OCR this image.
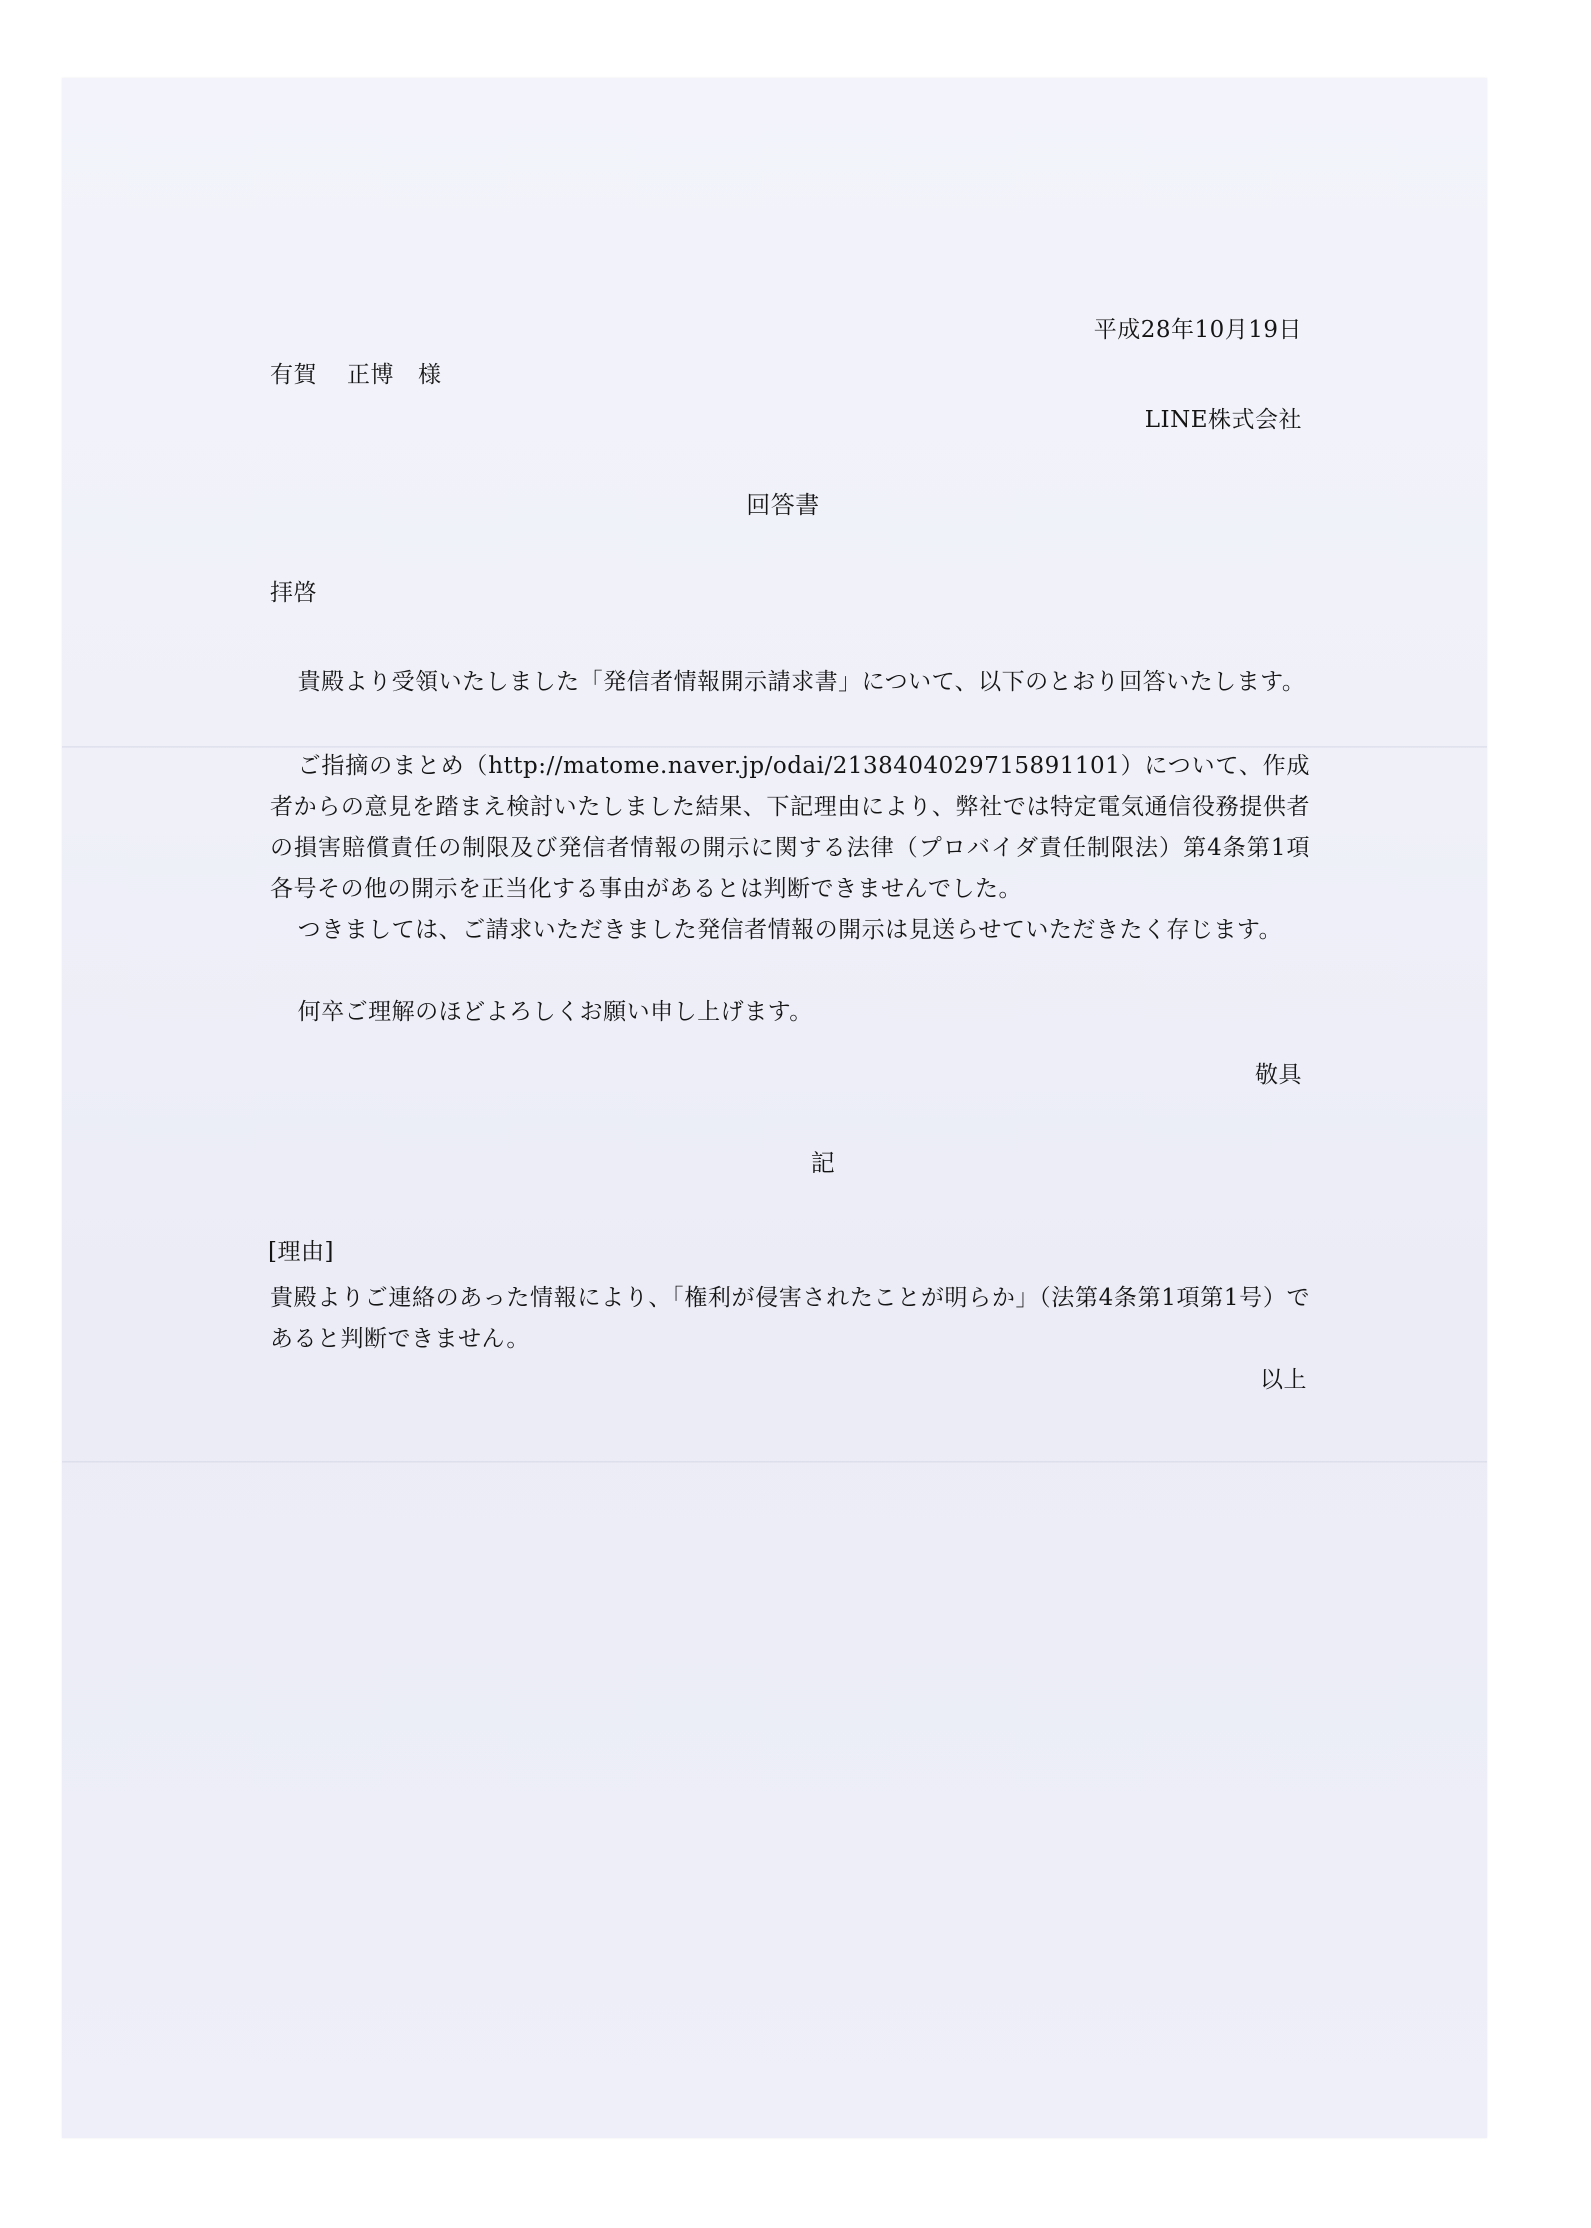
平成28年10月19日
有賀 正博 様
LINE株式会社
回答書
拝啓
貴殿より受領いたしました「発信者情報開示請求書」について、以下のとおり回答いたします。
ご指摘のまとめ（http://matome.naver.jp/odai/2138404029715891101）について、作成者からの意見を踏まえ検討いたしました結果、下記理由により、弊社では特定電気通信役務提供者の損害賠償責任の制限及び発信者情報の開示に関する法律（プロバイダ責任制限法）第4条第1項各号その他の開示を正当化する事由があるとは判断できませんでした。
つきましては、ご請求いただきました発信者情報の開示は見送らせていただきたく存じます。
何卒ご理解のほどよろしくお願い申し上げます。
敬具
記
[理由]
貴殿よりご連絡のあった情報により、「権利が侵害されたことが明らか」（法第4条第1項第1号）であると判断できません。
以上
